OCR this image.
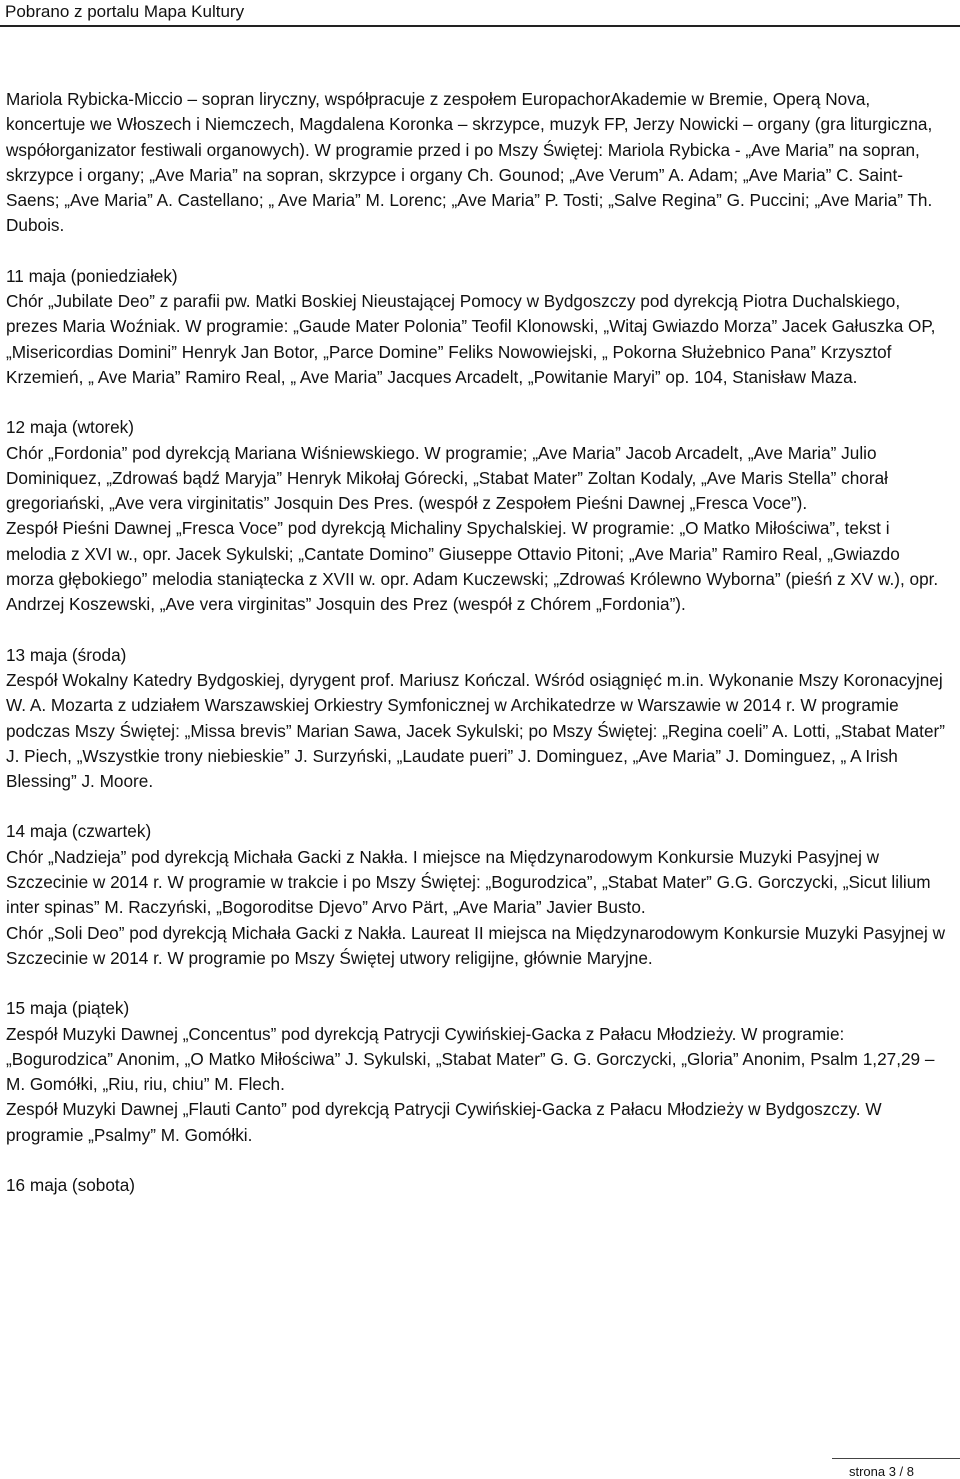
Pobrano z portalu Mapa Kultury

Mariola Rybicka-Miccio – sopran liryczny, współpracuje z zespołem EuropachorAkademie w Bremie, Operą Nova, koncertuje we Włoszech i Niemczech, Magdalena Koronka – skrzypce, muzyk FP, Jerzy Nowicki – organy (gra liturgiczna, współorganizator festiwali organowych). W programie przed i po Mszy Świętej: Mariola Rybicka - „Ave Maria” na sopran, skrzypce i organy; „Ave Maria” na sopran, skrzypce i organy Ch. Gounod; „Ave Verum” A. Adam; „Ave Maria” C. Saint-Saens; „Ave Maria” A. Castellano; „ Ave Maria” M. Lorenc; „Ave Maria” P. Tosti; „Salve Regina” G. Puccini; „Ave Maria” Th. Dubois.

11 maja (poniedziałek)

Chór „Jubilate Deo” z parafii pw. Matki Boskiej Nieustającej Pomocy w Bydgoszczy pod dyrekcją Piotra Duchalskiego, prezes Maria Woźniak. W programie: „Gaude Mater Polonia” Teofil Klonowski, „Witaj Gwiazdo Morza” Jacek Gałuszka OP, „Misericordias Domini” Henryk Jan Botor, „Parce Domine” Feliks Nowowiejski, „ Pokorna Służebnico Pana” Krzysztof Krzemień, „ Ave Maria” Ramiro Real, „ Ave Maria” Jacques Arcadelt, „Powitanie Maryi” op. 104, Stanisław Maza.

12 maja (wtorek)

Chór „Fordonia” pod dyrekcją Mariana Wiśniewskiego. W programie; „Ave Maria” Jacob Arcadelt, „Ave Maria” Julio Dominiquez, „Zdrowaś bądź Maryja” Henryk Mikołaj Górecki, „Stabat Mater” Zoltan Kodaly, „Ave Maris Stella” chorał gregoriański, „Ave vera virginitatis” Josquin Des Pres. (wespół z Zespołem Pieśni Dawnej „Fresca Voce”).

Zespół Pieśni Dawnej „Fresca Voce” pod dyrekcją Michaliny Spychalskiej. W programie: „O Matko Miłościwa”, tekst i melodia z XVI w., opr. Jacek Sykulski; „Cantate Domino” Giuseppe Ottavio Pitoni; „Ave Maria” Ramiro Real, „Gwiazdo morza głębokiego” melodia staniątecka z XVII w. opr. Adam Kuczewski; „Zdrowaś Królewno Wyborna” (pieśń z XV w.), opr. Andrzej Koszewski, „Ave vera virginitas” Josquin des Prez (wespół z Chórem „Fordonia”).

13 maja (środa)

Zespół Wokalny Katedry Bydgoskiej, dyrygent prof. Mariusz Kończal. Wśród osiągnięć m.in. Wykonanie Mszy Koronacyjnej W. A. Mozarta z udziałem Warszawskiej Orkiestry Symfonicznej w Archikatedrze w Warszawie w 2014 r. W programie podczas Mszy Świętej: „Missa brevis” Marian Sawa, Jacek Sykulski; po Mszy Świętej: „Regina coeli” A. Lotti, „Stabat Mater” J. Piech, „Wszystkie trony niebieskie” J. Surzyński, „Laudate pueri” J. Dominguez, „Ave Maria” J. Dominguez, „ A Irish Blessing” J. Moore.

14 maja (czwartek)

Chór „Nadzieja” pod dyrekcją Michała Gacki z Nakła. I miejsce na Międzynarodowym Konkursie Muzyki Pasyjnej w Szczecinie w 2014 r. W programie w trakcie i po Mszy Świętej: „Bogurodzica”, „Stabat Mater” G.G. Gorczycki, „Sicut lilium inter spinas” M. Raczyński, „Bogoroditse Djevo” Arvo Pärt, „Ave Maria” Javier Busto.

Chór „Soli Deo” pod dyrekcją Michała Gacki z Nakła. Laureat II miejsca na Międzynarodowym Konkursie Muzyki Pasyjnej w Szczecinie w 2014 r. W programie po Mszy Świętej utwory religijne, głównie Maryjne.

15 maja (piątek)

Zespół Muzyki Dawnej „Concentus” pod dyrekcją Patrycji Cywińskiej-Gacka z Pałacu Młodzieży. W programie: „Bogurodzica” Anonim, „O Matko Miłościwa” J. Sykulski, „Stabat Mater” G. G. Gorczycki, „Gloria” Anonim, Psalm 1,27,29 – M. Gomółki, „Riu, riu, chiu” M. Flech.

Zespół Muzyki Dawnej „Flauti Canto” pod dyrekcją Patrycji Cywińskiej-Gacka z Pałacu Młodzieży w Bydgoszczy. W programie „Psalmy” M. Gomółki.

16 maja (sobota)

strona 3 / 8
